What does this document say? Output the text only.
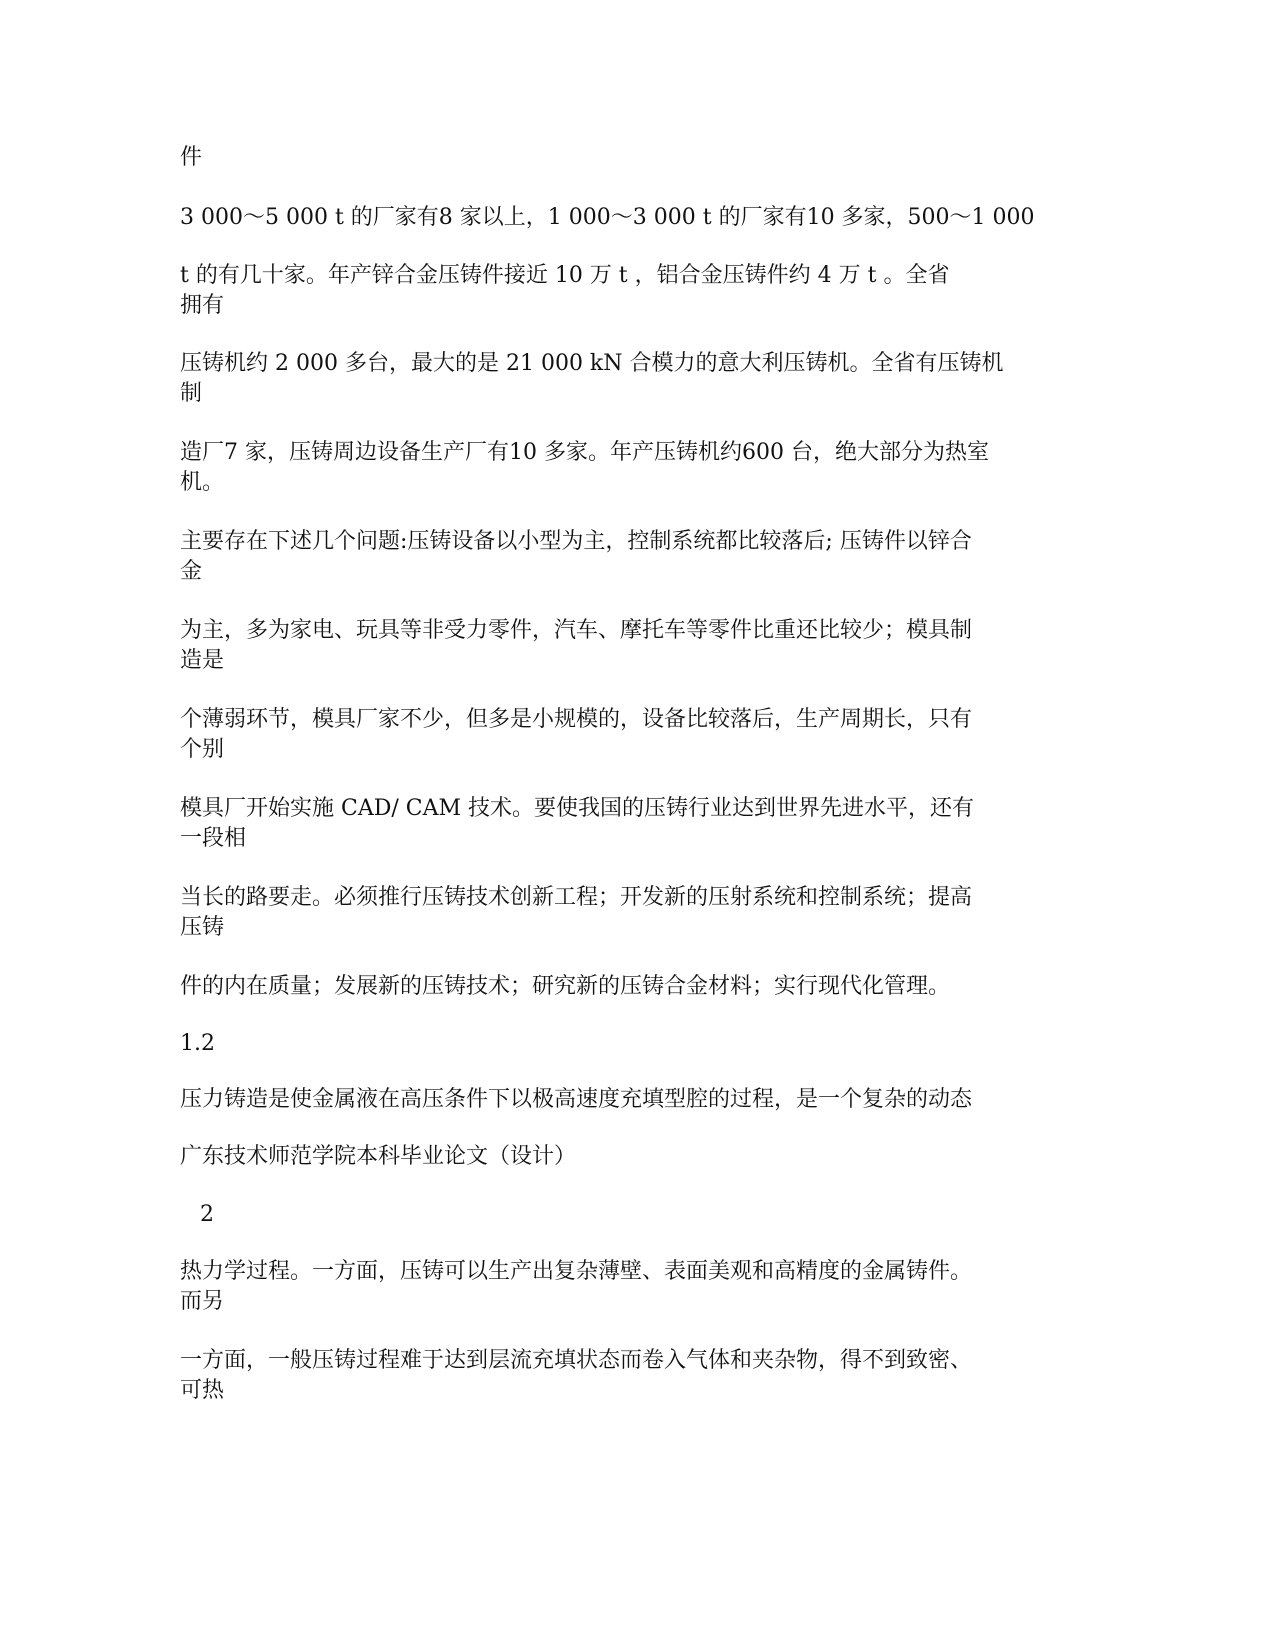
件

3 000～5 000 t 的厂家有8 家以上，1 000～3 000 t 的厂家有10 多家，500～1 000

t 的有几十家。年产锌合金压铸件接近 10 万 t ，铝合金压铸件约 4 万 t 。全省
拥有

压铸机约 2 000 多台，最大的是 21 000 kN 合模力的意大利压铸机。全省有压铸机
制

造厂7 家，压铸周边设备生产厂有10 多家。年产压铸机约600 台，绝大部分为热室
机。

主要存在下述几个问题:压铸设备以小型为主，控制系统都比较落后; 压铸件以锌合
金

为主，多为家电、玩具等非受力零件，汽车、摩托车等零件比重还比较少；模具制
造是

个薄弱环节，模具厂家不少，但多是小规模的，设备比较落后，生产周期长，只有
个别

模具厂开始实施 CAD/ CAM 技术。要使我国的压铸行业达到世界先进水平，还有
一段相

当长的路要走。必须推行压铸技术创新工程；开发新的压射系统和控制系统；提高
压铸

件的内在质量；发展新的压铸技术；研究新的压铸合金材料；实行现代化管理。

1.2

压力铸造是使金属液在高压条件下以极高速度充填型腔的过程，是一个复杂的动态

广东技术师范学院本科毕业论文（设计）

2

热力学过程。一方面，压铸可以生产出复杂薄壁、表面美观和高精度的金属铸件。
而另

一方面，一般压铸过程难于达到层流充填状态而卷入气体和夹杂物，得不到致密、
可热
